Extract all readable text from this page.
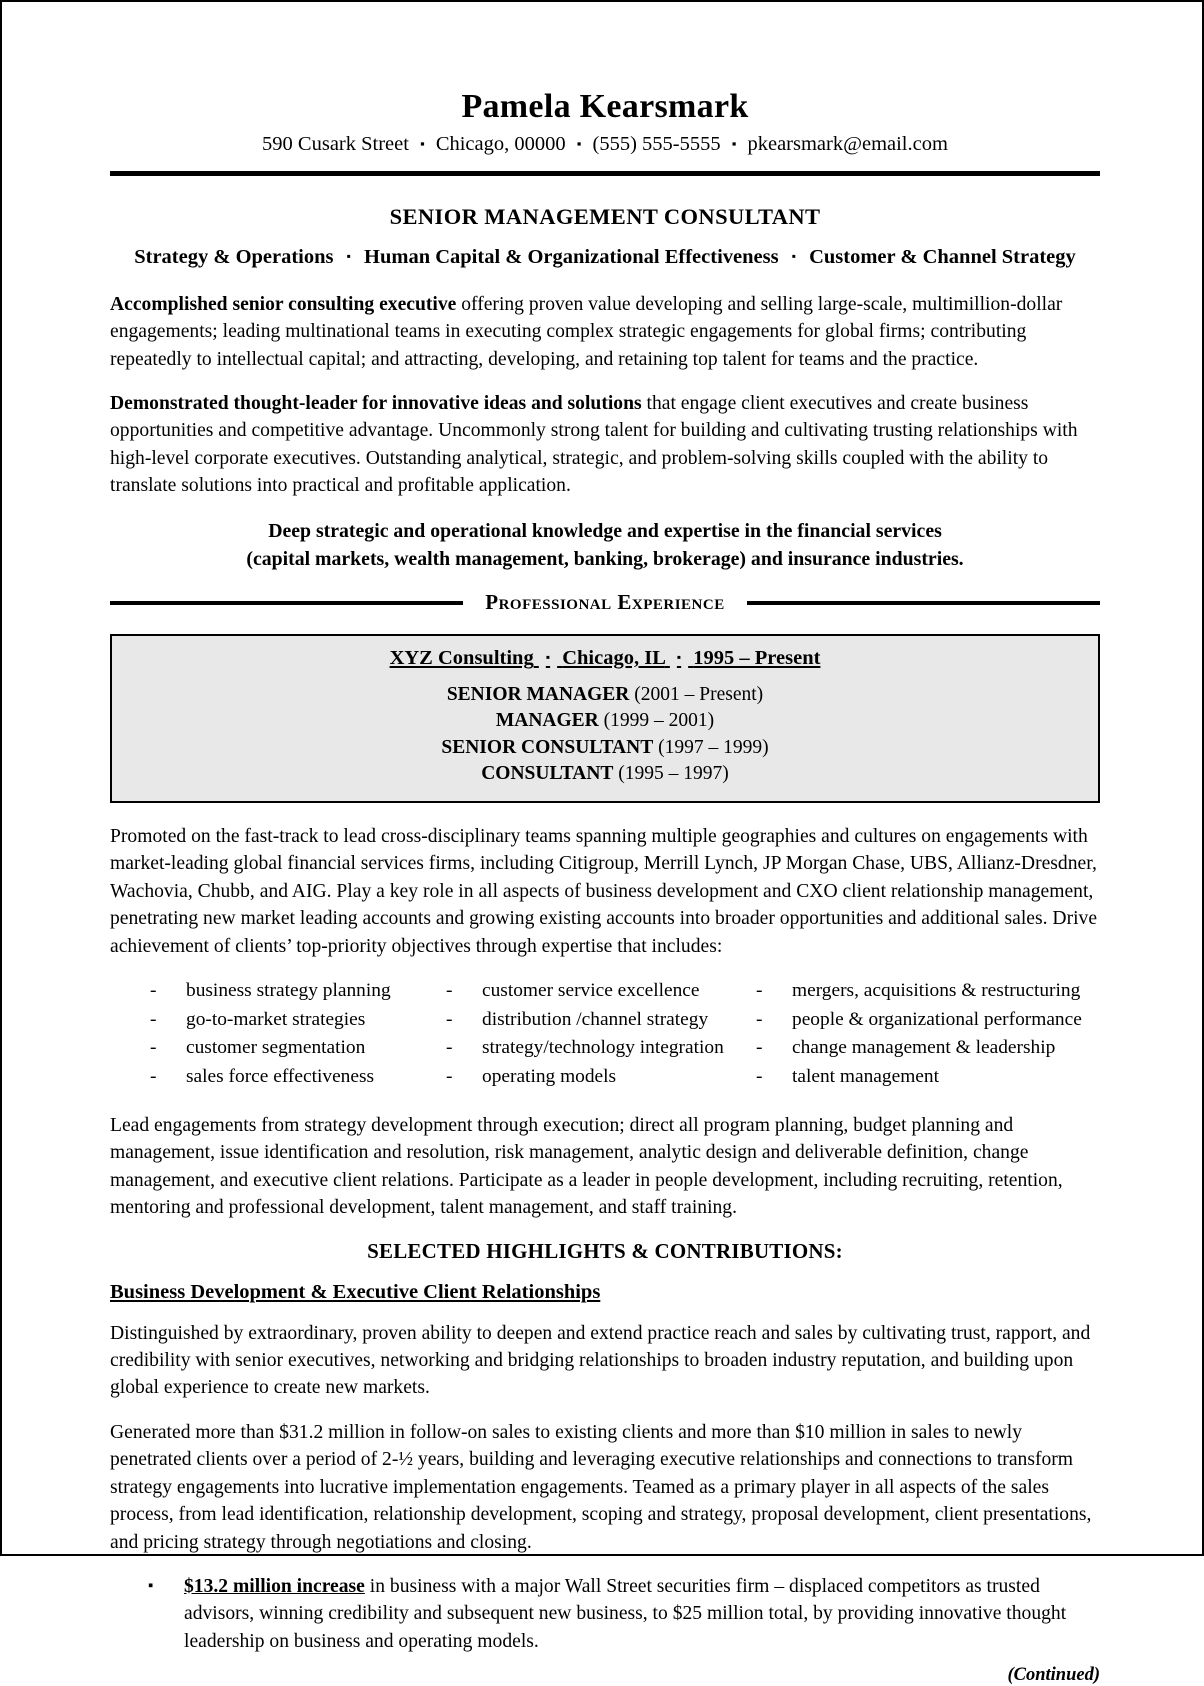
Pamela Kearsmark
590 Cusark Street ▪ Chicago, 00000 ▪ (555) 555-5555 ▪ pkearsmark@email.com
SENIOR MANAGEMENT CONSULTANT
Strategy & Operations ▪ Human Capital & Organizational Effectiveness ▪ Customer & Channel Strategy

Accomplished senior consulting executive offering proven value developing and selling large-scale, multimillion-dollar engagements; leading multinational teams in executing complex strategic engagements for global firms; contributing repeatedly to intellectual capital; and attracting, developing, and retaining top talent for teams and the practice.

Demonstrated thought-leader for innovative ideas and solutions that engage client executives and create business opportunities and competitive advantage. Uncommonly strong talent for building and cultivating trusting relationships with high-level corporate executives. Outstanding analytical, strategic, and problem-solving skills coupled with the ability to translate solutions into practical and profitable application.

Deep strategic and operational knowledge and expertise in the financial services
(capital markets, wealth management, banking, brokerage) and insurance industries.
Professional Experience
XYZ Consulting ▪ Chicago, IL ▪ 1995 – Present
SENIOR MANAGER (2001 – Present)
MANAGER (1999 – 2001)
SENIOR CONSULTANT (1997 – 1999)
CONSULTANT (1995 – 1997)

Promoted on the fast-track to lead cross-disciplinary teams spanning multiple geographies and cultures on engagements with market-leading global financial services firms, including Citigroup, Merrill Lynch, JP Morgan Chase, UBS, Allianz-Dresdner, Wachovia, Chubb, and AIG. Play a key role in all aspects of business development and CXO client relationship management, penetrating new market leading accounts and growing existing accounts into broader opportunities and additional sales. Drive achievement of clients’ top-priority objectives through expertise that includes:

-	business strategy planning
-	go-to-market strategies
-	customer segmentation
-	sales force effectiveness
-	customer service excellence
-	distribution /channel strategy
-	strategy/technology integration
-	operating models
-	mergers, acquisitions & restructuring
-	people & organizational performance
-	change management & leadership
-	talent management

Lead engagements from strategy development through execution; direct all program planning, budget planning and management, issue identification and resolution, risk management, analytic design and deliverable definition, change management, and executive client relations. Participate as a leader in people development, including recruiting, retention, mentoring and professional development, talent management, and staff training.

SELECTED HIGHLIGHTS & CONTRIBUTIONS:
Business Development & Executive Client Relationships

Distinguished by extraordinary, proven ability to deepen and extend practice reach and sales by cultivating trust, rapport, and credibility with senior executives, networking and bridging relationships to broaden industry reputation, and building upon global experience to create new markets.

Generated more than $31.2 million in follow-on sales to existing clients and more than $10 million in sales to newly penetrated clients over a period of 2-½ years, building and leveraging executive relationships and connections to transform strategy engagements into lucrative implementation engagements. Teamed as a primary player in all aspects of the sales process, from lead identification, relationship development, scoping and strategy, proposal development, client presentations, and pricing strategy through negotiations and closing.

▪	$13.2 million increase in business with a major Wall Street securities firm – displaced competitors as trusted advisors, winning credibility and subsequent new business, to $25 million total, by providing innovative thought leadership on business and operating models.
(Continued)
